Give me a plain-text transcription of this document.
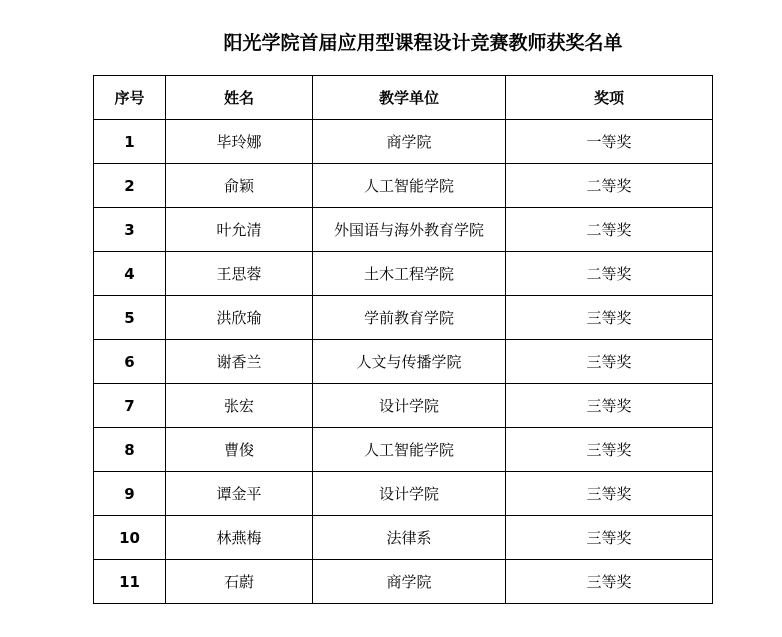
阳光学院首届应用型课程设计竞赛教师获奖名单
序号	姓名	教学单位	奖项
1	毕玲娜	商学院	一等奖
2	俞颖	人工智能学院	二等奖
3	叶允清	外国语与海外教育学院	二等奖
4	王思蓉	土木工程学院	二等奖
5	洪欣瑜	学前教育学院	三等奖
6	谢香兰	人文与传播学院	三等奖
7	张宏	设计学院	三等奖
8	曹俊	人工智能学院	三等奖
9	谭金平	设计学院	三等奖
10	林燕梅	法律系	三等奖
11	石蔚	商学院	三等奖
